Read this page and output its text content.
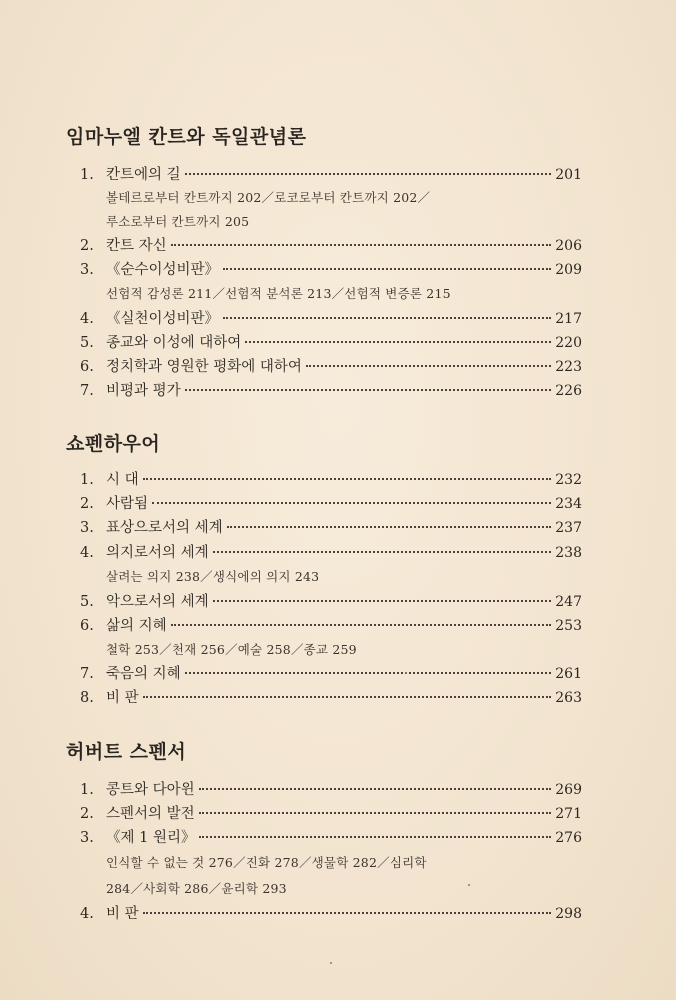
임마누엘 칸트와 독일관념론
1. 칸트에의 길	201
볼테르로부터 칸트까지 202／로코로부터 칸트까지 202／
루소로부터 칸트까지 205
2. 칸트 자신	206
3. 《순수이성비판》	209
선험적 감성론 211／선험적 분석론 213／선험적 변증론 215
4. 《실천이성비판》	217
5. 종교와 이성에 대하여	220
6. 정치학과 영원한 평화에 대하여	223
7. 비평과 평가	226
쇼펜하우어
1. 시 대	232
2. 사람됨	234
3. 표상으로서의 세계	237
4. 의지로서의 세계	238
살려는 의지 238／생식에의 의지 243
5. 악으로서의 세계	247
6. 삶의 지혜	253
철학 253／천재 256／예술 258／종교 259
7. 죽음의 지혜	261
8. 비 판	263
허버트 스펜서
1. 콩트와 다아윈	269
2. 스펜서의 발전	271
3. 《제 1 원리》	276
인식할 수 없는 것 276／진화 278／생물학 282／심리학
284／사회학 286／윤리학 293
4. 비 판	298
